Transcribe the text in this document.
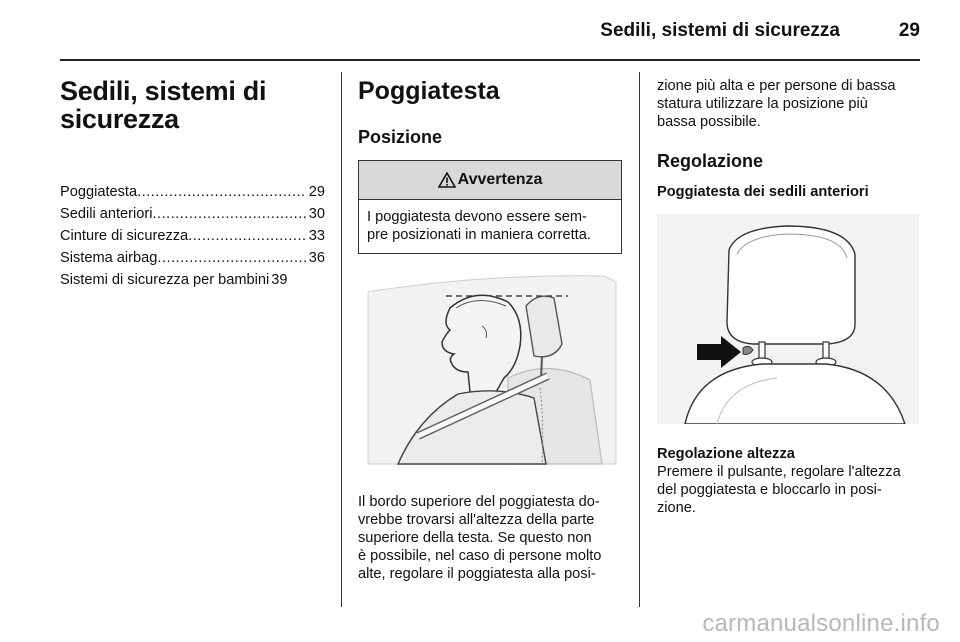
Sedili, sistemi di sicurezza	29
Sedili, sistemi di
sicurezza
Poggiatesta .....	29
Sedili anteriori .....	30
Cinture di sicurezza .....	33
Sistema airbag .....	36
Sistemi di sicurezza per bambini 39
Poggiatesta
Posizione
Avvertenza
I poggiatesta devono essere sem-
pre posizionati in maniera corretta.
Il bordo superiore del poggiatesta do-
vrebbe trovarsi all'altezza della parte
superiore della testa. Se questo non
è possibile, nel caso di persone molto
alte, regolare il poggiatesta alla posi-
zione più alta e per persone di bassa
statura utilizzare la posizione più
bassa possibile.
Regolazione
Poggiatesta dei sedili anteriori
Regolazione altezza
Premere il pulsante, regolare l'altezza
del poggiatesta e bloccarlo in posi-
zione.
carmanualsonline.info
